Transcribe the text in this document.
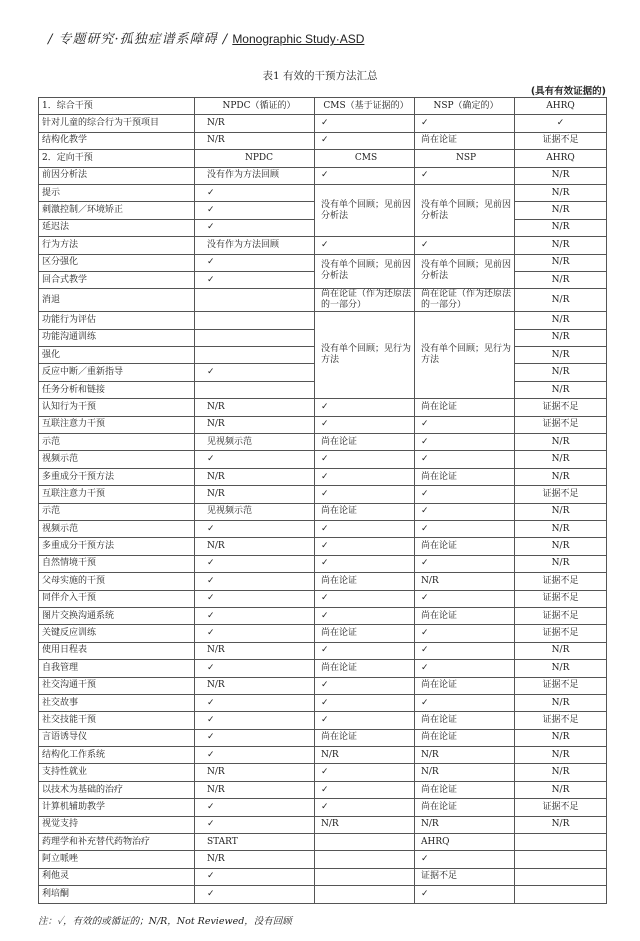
/ 专题研究·孤独症谱系障碍 / Monographic Study·ASD
表1 有效的干预方法汇总
(具有有效证据的)
1．综合干预	NPDC（循证的）	CMS（基于证据的）	NSP（确定的）	AHRQ
针对儿童的综合行为干预项目	N/R	✓	✓	✓
结构化教学	N/R	✓	尚在论证	证据不足
2．定向干预	NPDC	CMS	NSP	AHRQ
前因分析法	没有作为方法回顾	✓	✓	N/R
提示	✓	没有单个回顾；见前因分析法	没有单个回顾；见前因分析法	N/R
刺激控制／环境矫正	✓			N/R
延迟法	✓			N/R
行为方法	没有作为方法回顾	✓	✓	N/R
区分强化	✓	没有单个回顾；见前因分析法	没有单个回顾；见前因分析法	N/R
回合式教学	✓			N/R
消退		尚在论证（作为还原法的一部分）	尚在论证（作为还原法的一部分）	N/R
功能行为评估		没有单个回顾；见行为方法	没有单个回顾；见行为方法	N/R
功能沟通训练				N/R
强化				N/R
反应中断／重新指导	✓			N/R
任务分析和链接				N/R
认知行为干预	N/R	✓	尚在论证	证据不足
互联注意力干预	N/R	✓	✓	证据不足
示范	见视频示范	尚在论证	✓	N/R
视频示范	✓	✓	✓	N/R
多重成分干预方法	N/R	✓	尚在论证	N/R
互联注意力干预	N/R	✓	✓	证据不足
示范	见视频示范	尚在论证	✓	N/R
视频示范	✓	✓	✓	N/R
多重成分干预方法	N/R	✓	尚在论证	N/R
自然情境干预	✓	✓	✓	N/R
父母实施的干预	✓	尚在论证	N/R	证据不足
同伴介入干预	✓	✓	✓	证据不足
图片交换沟通系统	✓	✓	尚在论证	证据不足
关键反应训练	✓	尚在论证	✓	证据不足
使用日程表	N/R	✓	✓	N/R
自我管理	✓	尚在论证	✓	N/R
社交沟通干预	N/R	✓	尚在论证	证据不足
社交故事	✓	✓	✓	N/R
社交技能干预	✓	✓	尚在论证	证据不足
言语诱导仪	✓	尚在论证	尚在论证	N/R
结构化工作系统	✓	N/R	N/R	N/R
支持性就业	N/R	✓	N/R	N/R
以技术为基础的治疗	N/R	✓	尚在论证	N/R
计算机辅助教学	✓	✓	尚在论证	证据不足
视觉支持	✓	N/R	N/R	N/R
药理学和补充替代药物治疗	START		AHRQ	
阿立哌唑	N/R		✓	
利他灵	✓		证据不足	
利培酮	✓		✓	
注：✓，有效的或循证的；N/R，Not Reviewed，没有回顾
